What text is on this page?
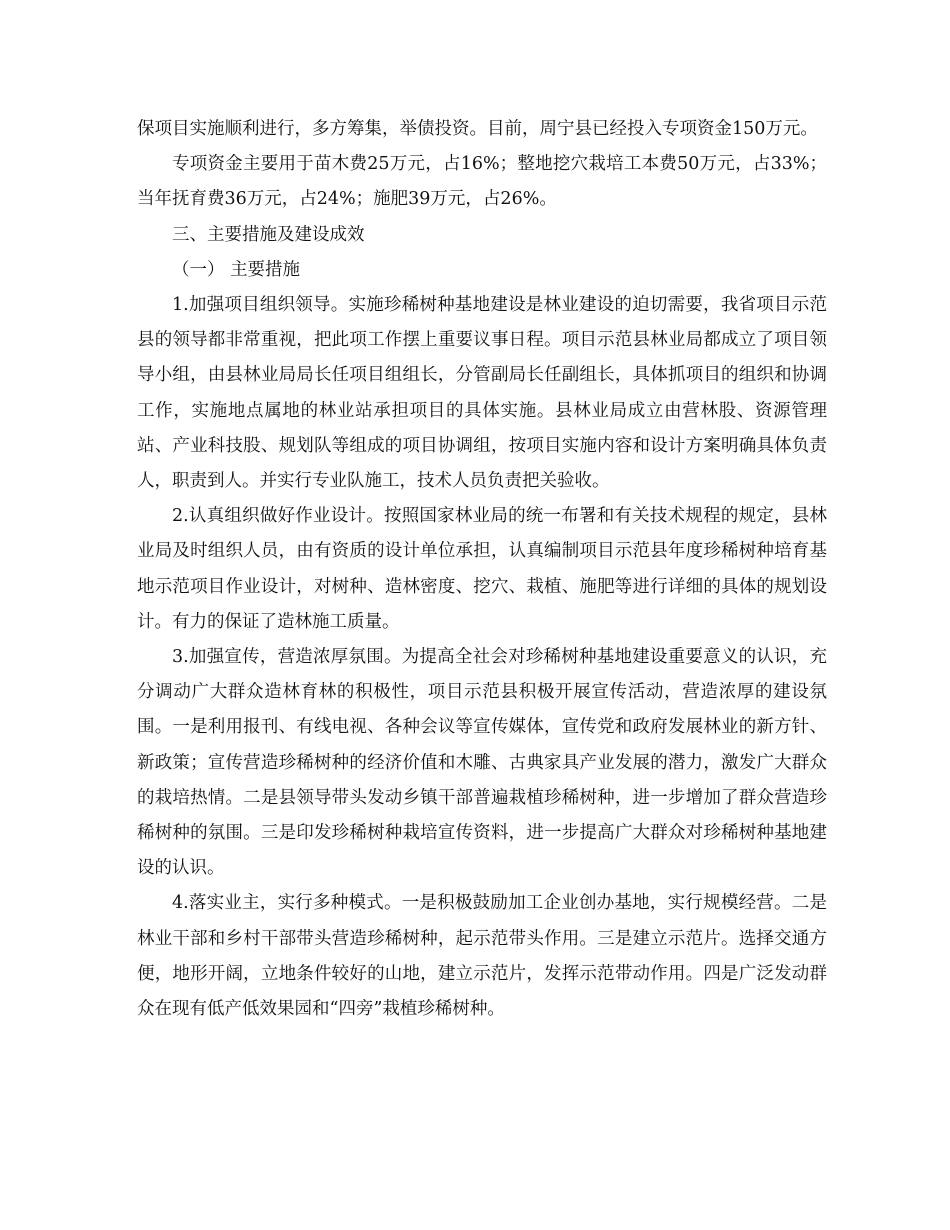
保项目实施顺利进行，多方筹集，举债投资。目前，周宁县已经投入专项资金150万元。

专项资金主要用于苗木费25万元，占16%；整地挖穴栽培工本费50万元，占33%；当年抚育费36万元，占24%；施肥39万元，占26%。

三、主要措施及建设成效

（一） 主要措施

1.加强项目组织领导。实施珍稀树种基地建设是林业建设的迫切需要，我省项目示范县的领导都非常重视，把此项工作摆上重要议事日程。项目示范县林业局都成立了项目领导小组，由县林业局局长任项目组组长，分管副局长任副组长，具体抓项目的组织和协调工作，实施地点属地的林业站承担项目的具体实施。县林业局成立由营林股、资源管理站、产业科技股、规划队等组成的项目协调组，按项目实施内容和设计方案明确具体负责人，职责到人。并实行专业队施工，技术人员负责把关验收。

2.认真组织做好作业设计。按照国家林业局的统一布署和有关技术规程的规定，县林业局及时组织人员，由有资质的设计单位承担，认真编制项目示范县年度珍稀树种培育基地示范项目作业设计，对树种、造林密度、挖穴、栽植、施肥等进行详细的具体的规划设计。有力的保证了造林施工质量。

3.加强宣传，营造浓厚氛围。为提高全社会对珍稀树种基地建设重要意义的认识，充分调动广大群众造林育林的积极性，项目示范县积极开展宣传活动，营造浓厚的建设氛围。一是利用报刊、有线电视、各种会议等宣传媒体，宣传党和政府发展林业的新方针、新政策；宣传营造珍稀树种的经济价值和木雕、古典家具产业发展的潜力，激发广大群众的栽培热情。二是县领导带头发动乡镇干部普遍栽植珍稀树种，进一步增加了群众营造珍稀树种的氛围。三是印发珍稀树种栽培宣传资料，进一步提高广大群众对珍稀树种基地建设的认识。

4.落实业主，实行多种模式。一是积极鼓励加工企业创办基地，实行规模经营。二是林业干部和乡村干部带头营造珍稀树种，起示范带头作用。三是建立示范片。选择交通方便，地形开阔，立地条件较好的山地，建立示范片，发挥示范带动作用。四是广泛发动群众在现有低产低效果园和“四旁”栽植珍稀树种。
